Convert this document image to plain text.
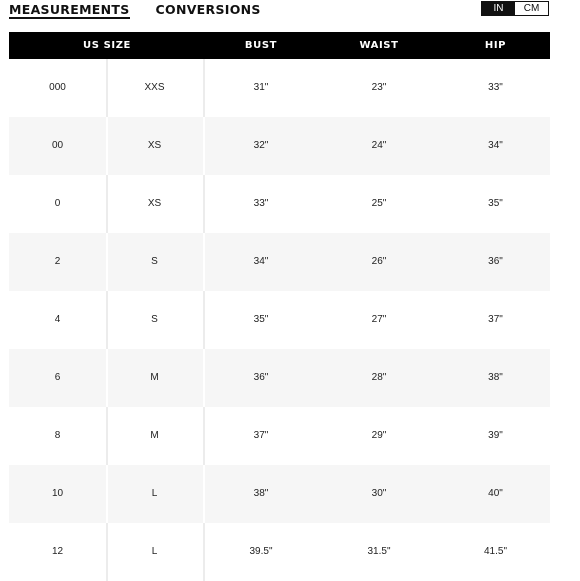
MEASUREMENTS CONVERSIONS	IN	CM
US SIZE	BUST	WAIST	HIP
000	XXS	31"	23"	33"
00	XS	32"	24"	34"
0	XS	33"	25"	35"
2	S	34"	26"	36"
4	S	35"	27"	37"
6	M	36"	28"	38"
8	M	37"	29"	39"
10	L	38"	30"	40"
12	L	39.5"	31.5"	41.5"
